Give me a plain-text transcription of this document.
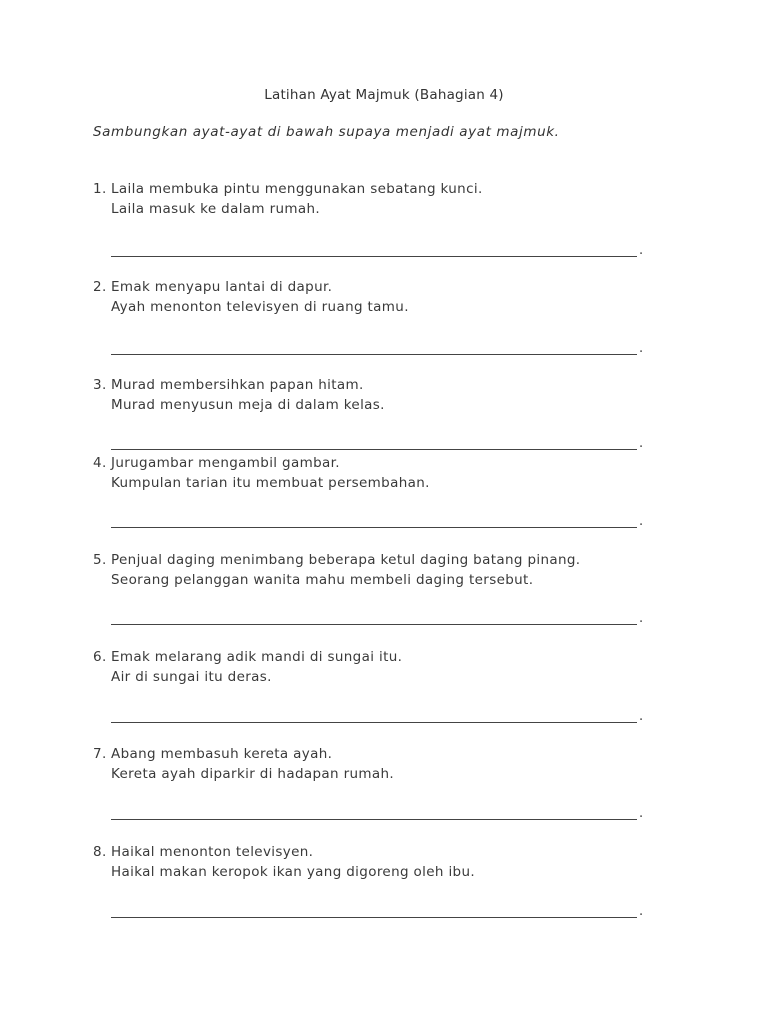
Latihan Ayat Majmuk (Bahagian 4)
Sambungkan ayat-ayat di bawah supaya menjadi ayat majmuk.
1. Laila membuka pintu menggunakan sebatang kunci.
Laila masuk ke dalam rumah.
.
2. Emak menyapu lantai di dapur.
Ayah menonton televisyen di ruang tamu.
.
3. Murad membersihkan papan hitam.
Murad menyusun meja di dalam kelas.
.
4. Jurugambar mengambil gambar.
Kumpulan tarian itu membuat persembahan.
.
5. Penjual daging menimbang beberapa ketul daging batang pinang.
Seorang pelanggan wanita mahu membeli daging tersebut.
.
6. Emak melarang adik mandi di sungai itu.
Air di sungai itu deras.
.
7. Abang membasuh kereta ayah.
Kereta ayah diparkir di hadapan rumah.
.
8. Haikal menonton televisyen.
Haikal makan keropok ikan yang digoreng oleh ibu.
.
